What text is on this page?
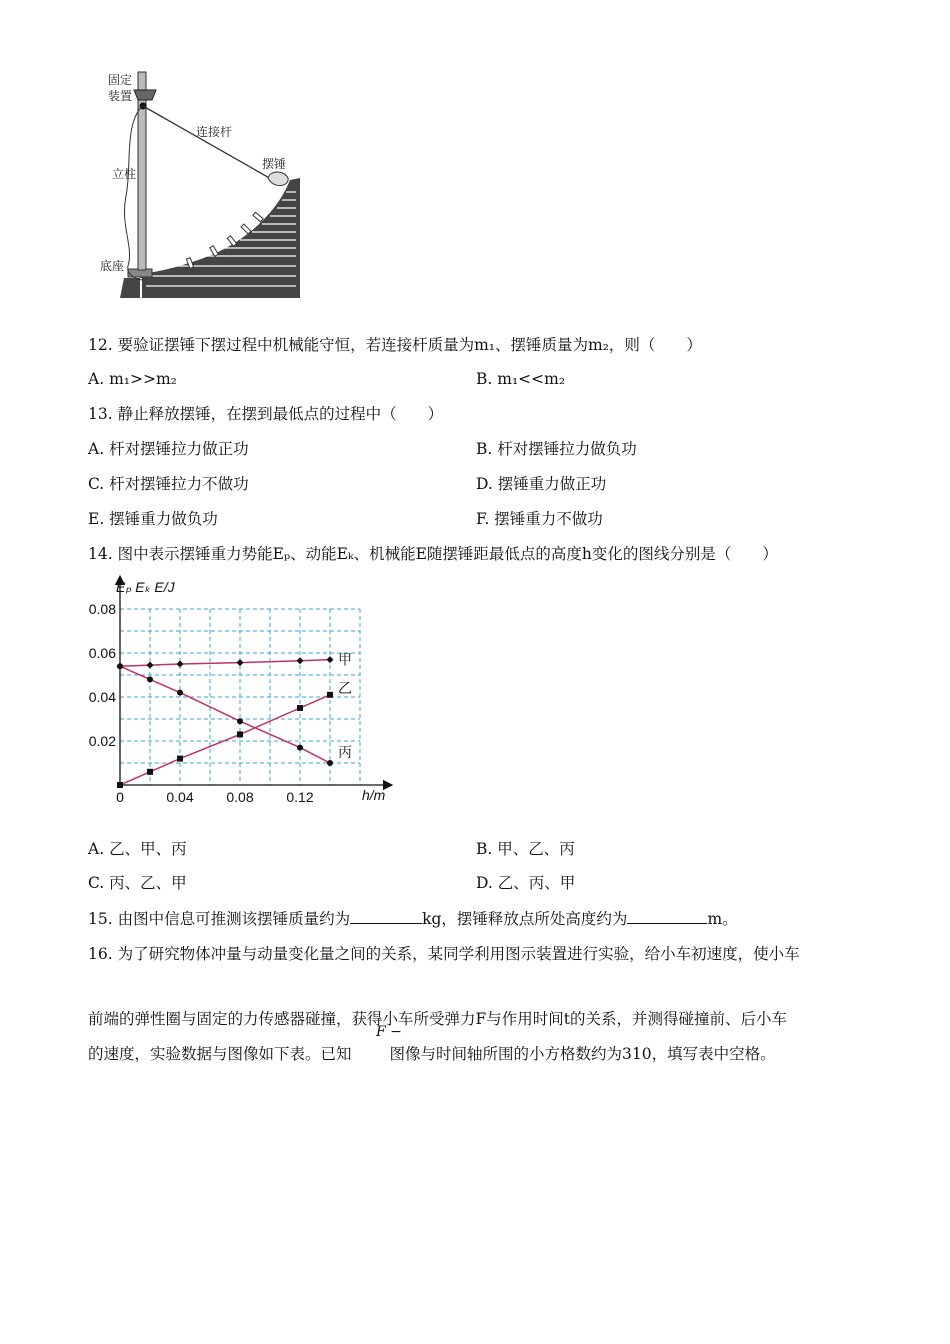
固定
装置
连接杆
立柱
摆锤
底座
12. 要验证摆锤下摆过程中机械能守恒，若连接杆质量为m₁、摆锤质量为m₂，则（　　）
A. m₁>>m₂	B. m₁<<m₂
13. 静止释放摆锤，在摆到最低点的过程中（　　）
A. 杆对摆锤拉力做正功	B. 杆对摆锤拉力做负功
C. 杆对摆锤拉力不做功	D. 摆锤重力做正功
E. 摆锤重力做负功	F. 摆锤重力不做功
14. 图中表示摆锤重力势能Eₚ、动能Eₖ、机械能E随摆锤距最低点的高度h变化的图线分别是（　　）
0	0.04 0.08 0.12
0.02
0.04
0.06
0.08
甲
乙
丙
Eₚ Eₖ E/J
h/m
A. 乙、甲、丙	B. 甲、乙、丙
C. 丙、乙、甲	D. 乙、丙、甲
15. 由图中信息可推测该摆锤质量约为	kg，摆锤释放点所处高度约为	m。
16. 为了研究物体冲量与动量变化量之间的关系，某同学利用图示装置进行实验，给小车初速度，使小车
前端的弹性圈与固定的力传感器碰撞，获得小车所受弹力F与作用时间t的关系，并测得碰撞前、后小车
F −
的速度，实验数据与图像如下表。已知 图像与时间轴所围的小方格数约为310，填写表中空格。
